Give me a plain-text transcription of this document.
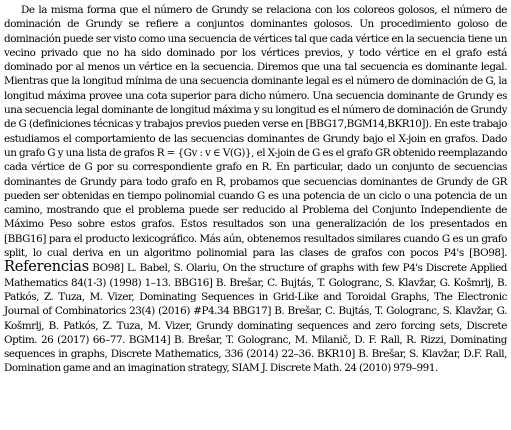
De la misma forma que el número de Grundy se relaciona con los coloreos golosos, el número de dominación de Grundy se refiere a conjuntos dominantes golosos. Un procedimiento goloso de dominación puede ser visto como una secuencia de vértices tal que cada vértice en la secuencia tiene un vecino privado que no ha sido dominado por los vértices previos, y todo vértice en el grafo está dominado por al menos un vértice en la secuencia. Diremos que una tal secuencia es dominante legal. Mientras que la longitud mínima de una secuencia dominante legal es el número de dominación de G, la longitud máxima provee una cota superior para dicho número. Una secuencia dominante de Grundy es una secuencia legal dominante de longitud máxima y su longitud es el número de dominación de Grundy de G (definiciones técnicas y trabajos previos pueden verse en [BBG17,BGM14,BKR10]). En este trabajo estudiamos el comportamiento de las secuencias dominantes de Grundy bajo el X-join en grafos. Dado un grafo G y una lista de grafos R = {Gv : v ∈ V(G)}, el X-join de G es el grafo GR obtenido reemplazando cada vértice de G por su correspondiente grafo en R. En particular, dado un conjunto de secuencias dominantes de Grundy para todo grafo en R, probamos que secuencias dominantes de Grundy de GR pueden ser obtenidas en tiempo polinomial cuando G es una potencia de un ciclo o una potencia de un camino, mostrando que el problema puede ser reducido al Problema del Conjunto Independiente de Máximo Peso sobre estos grafos. Estos resultados son una generalización de los presentados en [BBG16] para el producto lexicográfico. Más aún, obtenemos resultados similares cuando G es un grafo split, lo cual deriva en un algoritmo polinomial para las clases de grafos con pocos P4's [BO98]. Referencias BO98] L. Babel, S. Olariu, On the structure of graphs with few P4's Discrete Applied Mathematics 84(1-3) (1998) 1–13. BBG16] B. Brešar, C. Bujtás, T. Gologranc, S. Klavžar, G. Košmrlj, B. Patkós, Z. Tuza, M. Vizer, Dominating Sequences in Grid-Like and Toroidal Graphs, The Electronic Journal of Combinatorics 23(4) (2016) #P4.34 BBG17] B. Brešar, C. Bujtás, T. Gologranc, S. Klavžar, G. Košmrlj, B. Patkós, Z. Tuza, M. Vizer, Grundy dominating sequences and zero forcing sets, Discrete Optim. 26 (2017) 66–77. BGM14] B. Brešar, T. Gologranc, M. Milanič, D. F. Rall, R. Rizzi, Dominating sequences in graphs, Discrete Mathematics, 336 (2014) 22–36. BKR10] B. Brešar, S. Klavžar, D.F. Rall, Domination game and an imagination strategy, SIAM J. Discrete Math. 24 (2010) 979–991.
